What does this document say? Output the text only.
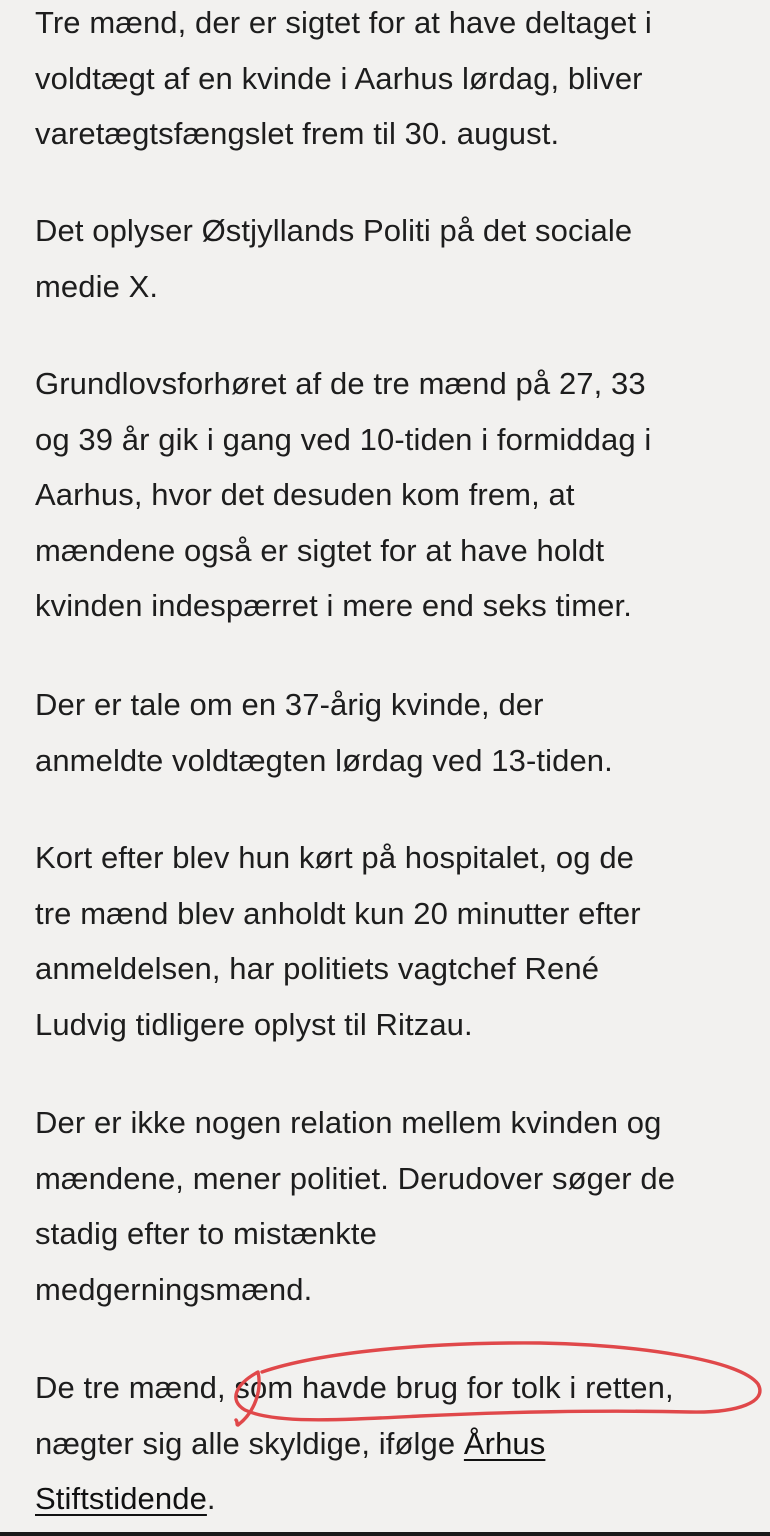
Tre mænd, der er sigtet for at have deltaget i
voldtægt af en kvinde i Aarhus lørdag, bliver
varetægtsfængslet frem til 30. august.

Det oplyser Østjyllands Politi på det sociale
medie X.

Grundlovsforhøret af de tre mænd på 27, 33
og 39 år gik i gang ved 10-tiden i formiddag i
Aarhus, hvor det desuden kom frem, at
mændene også er sigtet for at have holdt
kvinden indespærret i mere end seks timer.

Der er tale om en 37-årig kvinde, der
anmeldte voldtægten lørdag ved 13-tiden.

Kort efter blev hun kørt på hospitalet, og de
tre mænd blev anholdt kun 20 minutter efter
anmeldelsen, har politiets vagtchef René
Ludvig tidligere oplyst til Ritzau.

Der er ikke nogen relation mellem kvinden og
mændene, mener politiet. Derudover søger de
stadig efter to mistænkte
medgerningsmænd.

De tre mænd, som havde brug for tolk i retten,
nægter sig alle skyldige, ifølge Århus
Stiftstidende.
